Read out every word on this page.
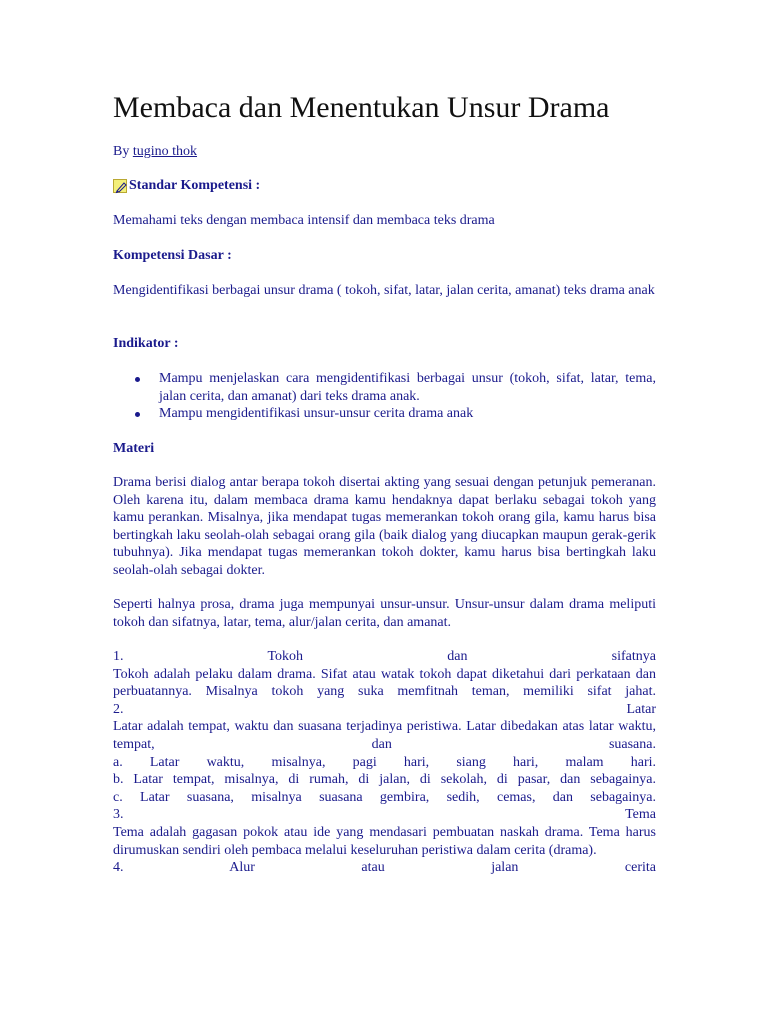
Membaca dan Menentukan Unsur Drama
By tugino thok
Standar Kompetensi :
Memahami teks dengan membaca intensif dan membaca teks drama
Kompetensi Dasar :
Mengidentifikasi berbagai unsur drama ( tokoh, sifat, latar, jalan cerita, amanat) teks drama anak
Indikator :
Mampu menjelaskan cara mengidentifikasi berbagai unsur (tokoh, sifat, latar, tema, jalan cerita, dan amanat) dari teks drama anak.
Mampu mengidentifikasi unsur-unsur cerita drama anak
Materi
Drama berisi dialog antar berapa tokoh disertai akting yang sesuai dengan petunjuk pemeranan. Oleh karena itu, dalam membaca drama kamu hendaknya dapat berlaku sebagai tokoh yang kamu perankan. Misalnya, jika mendapat tugas memerankan tokoh orang gila, kamu harus bisa bertingkah laku seolah-olah sebagai orang gila (baik dialog yang diucapkan maupun gerak-gerik tubuhnya). Jika mendapat tugas memerankan tokoh dokter, kamu harus bisa bertingkah laku seolah-olah sebagai dokter.
Seperti halnya prosa, drama juga mempunyai unsur-unsur. Unsur-unsur dalam drama meliputi tokoh dan sifatnya, latar, tema, alur/jalan cerita, dan amanat.
1. Tokoh dan sifatnya
Tokoh adalah pelaku dalam drama. Sifat atau watak tokoh dapat diketahui dari perkataan dan perbuatannya. Misalnya tokoh yang suka memfitnah teman, memiliki sifat jahat.
2. Latar
Latar adalah tempat, waktu dan suasana terjadinya peristiwa. Latar dibedakan atas latar waktu, tempat, dan suasana.
a. Latar waktu, misalnya, pagi hari, siang hari, malam hari.
b. Latar tempat, misalnya, di rumah, di jalan, di sekolah, di pasar, dan sebagainya.
c. Latar suasana, misalnya suasana gembira, sedih, cemas, dan sebagainya.
3. Tema
Tema adalah gagasan pokok atau ide yang mendasari pembuatan naskah drama. Tema harus dirumuskan sendiri oleh pembaca melalui keseluruhan peristiwa dalam cerita (drama).
4. Alur atau jalan cerita
